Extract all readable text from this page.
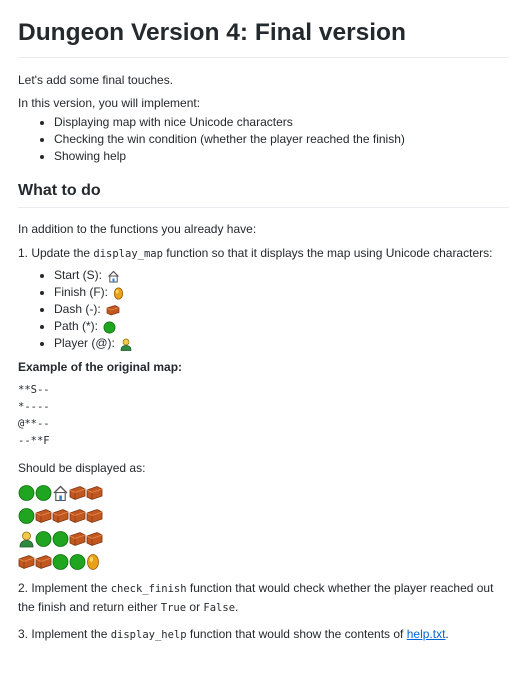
Dungeon Version 4: Final version

Let's add some final touches.

In this version, you will implement:

• Displaying map with nice Unicode characters
• Checking the win condition (whether the player reached the finish)
• Showing help
What to do

In addition to the functions you already have:

1. Update the display_map function so that it displays the map using Unicode characters:

• Start (S):
• Finish (F):
• Dash (-):
• Path (*):
• Player (@):

Example of the original map:

**S--
*----
@**--
--**F

Should be displayed as:

2. Implement the check_finish function that would check whether the player reached out the finish and return either True or False.

3. Implement the display_help function that would show the contents of help.txt.
